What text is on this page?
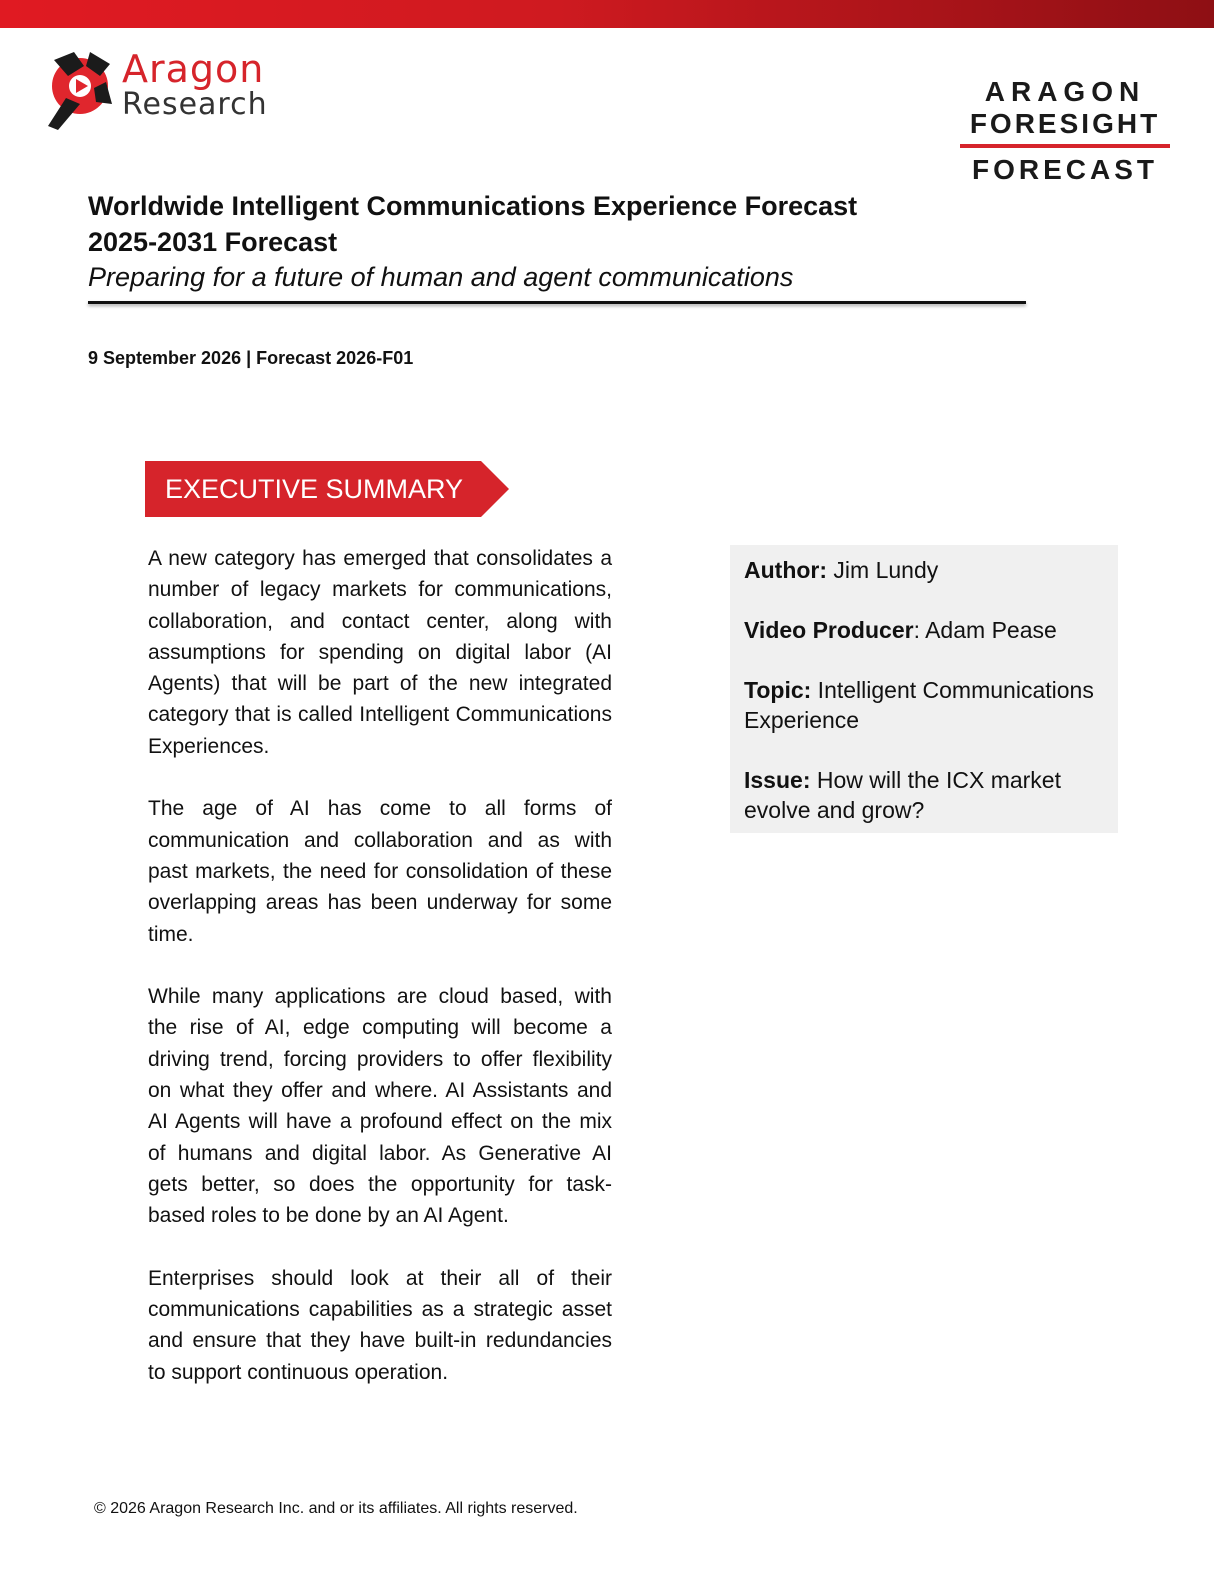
Aragon
Research	ARAGON
FORESIGHT
FORECAST
Worldwide Intelligent Communications Experience Forecast
2025-2031 Forecast
Preparing for a future of human and agent communications
9 September 2026 | Forecast 2026-F01
EXECUTIVE SUMMARY

A new category has emerged that consolidates a number of legacy markets for communications, collaboration, and contact center, along with assumptions for spending on digital labor (AI Agents) that will be part of the new integrated category that is called Intelligent Communications Experiences.

The age of AI has come to all forms of communication and collaboration and as with past markets, the need for consolidation of these overlapping areas has been underway for some time.

While many applications are cloud based, with the rise of AI, edge computing will become a driving trend, forcing providers to offer flexibility on what they offer and where. AI Assistants and AI Agents will have a profound effect on the mix of humans and digital labor. As Generative AI gets better, so does the opportunity for task-based roles to be done by an AI Agent.

Enterprises should look at their all of their communications capabilities as a strategic asset and ensure that they have built-in redundancies to support continuous operation.

Author: Jim Lundy
Video Producer: Adam Pease
Topic: Intelligent Communications Experience
Issue: How will the ICX market evolve and grow?
© 2026 Aragon Research Inc. and or its affiliates. All rights reserved.
